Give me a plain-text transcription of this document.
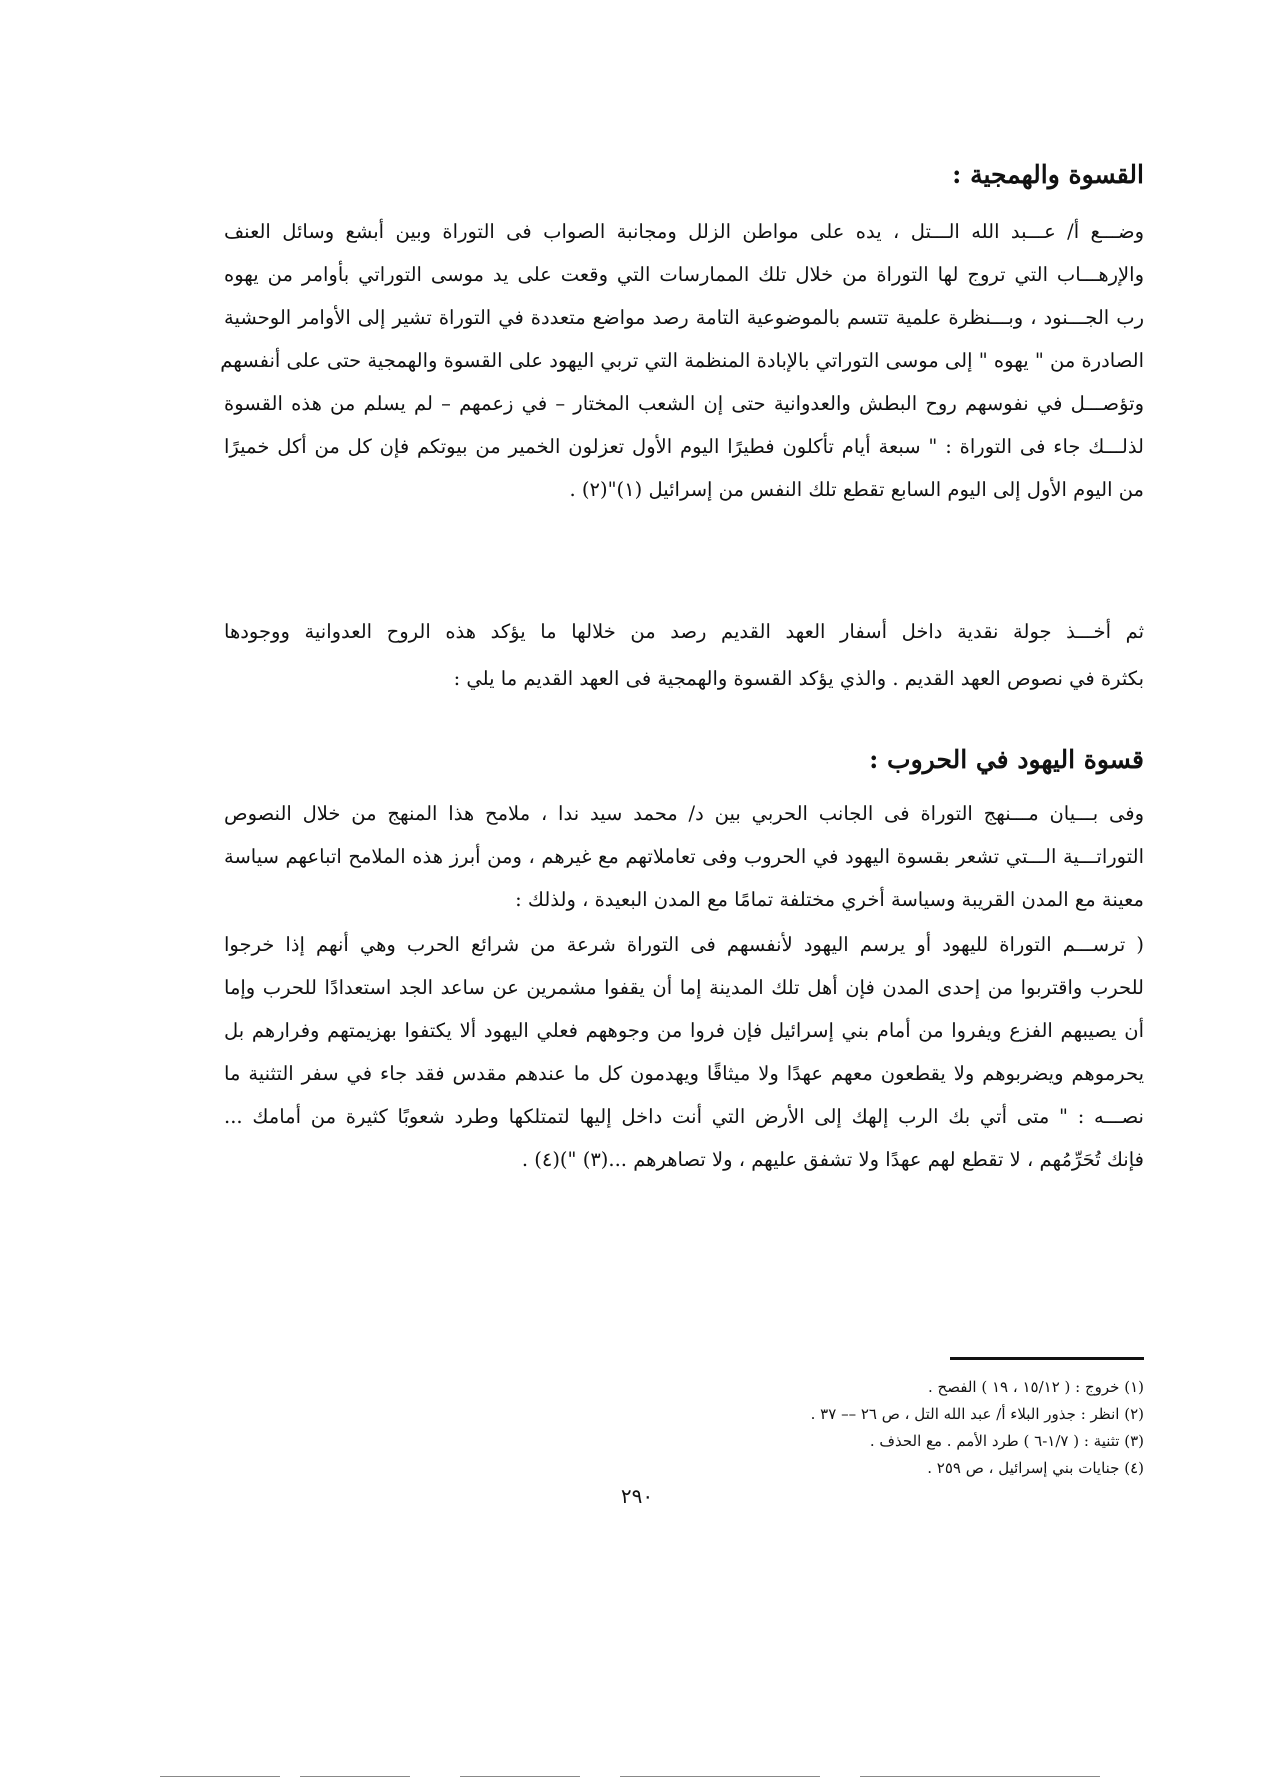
القسوة والهمجية :
وضـــع أ/ عـــبد الله الـــتل ، يده على مواطن الزلل ومجانبة الصواب فى التوراة وبين أبشع وسائل العنف
والإرهـــاب التي تروج لها التوراة من خلال تلك الممارسات التي وقعت على يد موسى التوراتي بأوامر من يهوه
رب الجـــنود ، وبـــنظرة علمية تتسم بالموضوعية التامة رصد مواضع متعددة في التوراة تشير إلى الأوامر الوحشية
الصادرة من " يهوه " إلى موسى التوراتي بالإبادة المنظمة التي تربي اليهود على القسوة والهمجية حتى على أنفسهم
وتؤصـــل في نفوسهم روح البطش والعدوانية حتى إن الشعب المختار – في زعمهم – لم يسلم من هذه القسوة
لذلـــك جاء فى التوراة : " سبعة أيام تأكلون فطيرًا اليوم الأول تعزلون الخمير من بيوتكم فإن كل من أكل خميرًا
من اليوم الأول إلى اليوم السابع تقطع تلك النفس من إسرائيل (١)"(٢) .
ثم أخـــذ جولة نقدية داخل أسفار العهد القديم رصد من خلالها ما يؤكد هذه الروح العدوانية ووجودها
بكثرة في نصوص العهد القديم . والذي يؤكد القسوة والهمجية فى العهد القديم ما يلي :
قسوة اليهود في الحروب :
وفى بـــيان مـــنهج التوراة فى الجانب الحربي بين د/ محمد سيد ندا ، ملامح هذا المنهج من خلال النصوص
التوراتـــية الـــتي تشعر بقسوة اليهود في الحروب وفى تعاملاتهم مع غيرهم ، ومن أبرز هذه الملامح اتباعهم سياسة
معينة مع المدن القريبة وسياسة أخري مختلفة تمامًا مع المدن البعيدة ، ولذلك :
( ترســـم التوراة لليهود أو يرسم اليهود لأنفسهم فى التوراة شرعة من شرائع الحرب وهي أنهم إذا خرجوا
للحرب واقتربوا من إحدى المدن فإن أهل تلك المدينة إما أن يقفوا مشمرين عن ساعد الجد استعدادًا للحرب وإما
أن يصيبهم الفزع ويفروا من أمام بني إسرائيل فإن فروا من وجوههم فعلي اليهود ألا يكتفوا بهزيمتهم وفرارهم بل
يحرموهم ويضربوهم ولا يقطعون معهم عهدًا ولا ميثاقًا ويهدمون كل ما عندهم مقدس فقد جاء في سفر التثنية ما
نصـــه : " متى أتي بك الرب إلهك إلى الأرض التي أنت داخل إليها لتمتلكها وطرد شعوبًا كثيرة من أمامك ...
فإنك تُحَرِّمُهم ، لا تقطع لهم عهدًا ولا تشفق عليهم ، ولا تصاهرهم ...(٣) ")(٤) .
(١) خروج : ( ١٥/١٢ ، ١٩ ) الفصح .
(٢) انظر : جذور البلاء أ/ عبد الله التل ، ص ٢٦ –– ٣٧ .
(٣) تثنية : ( ١/٧-٦ ) طرد الأمم . مع الحذف .
(٤) جنايات بني إسرائيل ، ص ٢٥٩ .
٢٩٠
